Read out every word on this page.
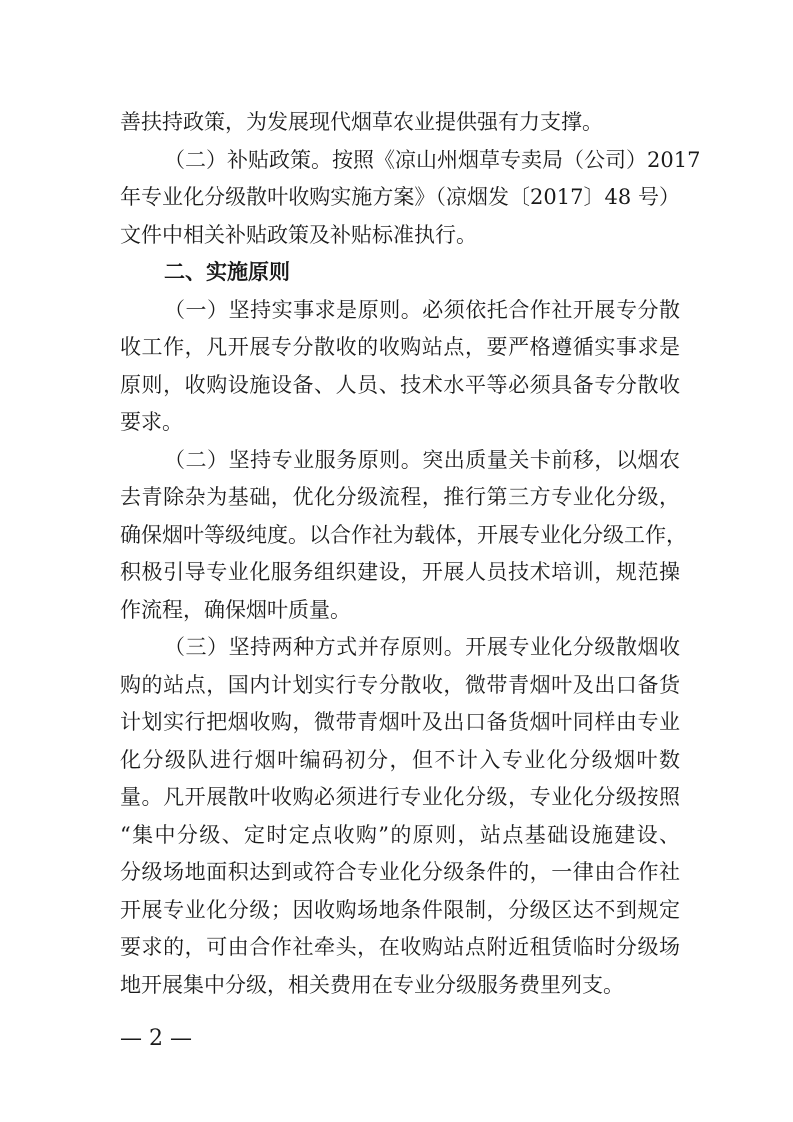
善扶持政策，为发展现代烟草农业提供强有力支撑。
（二）补贴政策。按照《凉山州烟草专卖局（公司）2017
年专业化分级散叶收购实施方案》（凉烟发〔2017〕48 号）
文件中相关补贴政策及补贴标准执行。
二、实施原则
（一）坚持实事求是原则。必须依托合作社开展专分散
收工作，凡开展专分散收的收购站点，要严格遵循实事求是
原则，收购设施设备、人员、技术水平等必须具备专分散收
要求。
（二）坚持专业服务原则。突出质量关卡前移，以烟农
去青除杂为基础，优化分级流程，推行第三方专业化分级，
确保烟叶等级纯度。以合作社为载体，开展专业化分级工作，
积极引导专业化服务组织建设，开展人员技术培训，规范操
作流程，确保烟叶质量。
（三）坚持两种方式并存原则。开展专业化分级散烟收
购的站点，国内计划实行专分散收，微带青烟叶及出口备货
计划实行把烟收购，微带青烟叶及出口备货烟叶同样由专业
化分级队进行烟叶编码初分，但不计入专业化分级烟叶数
量。凡开展散叶收购必须进行专业化分级，专业化分级按照
“集中分级、定时定点收购”的原则，站点基础设施建设、
分级场地面积达到或符合专业化分级条件的，一律由合作社
开展专业化分级；因收购场地条件限制，分级区达不到规定
要求的，可由合作社牵头，在收购站点附近租赁临时分级场
地开展集中分级，相关费用在专业分级服务费里列支。
— 2 —
